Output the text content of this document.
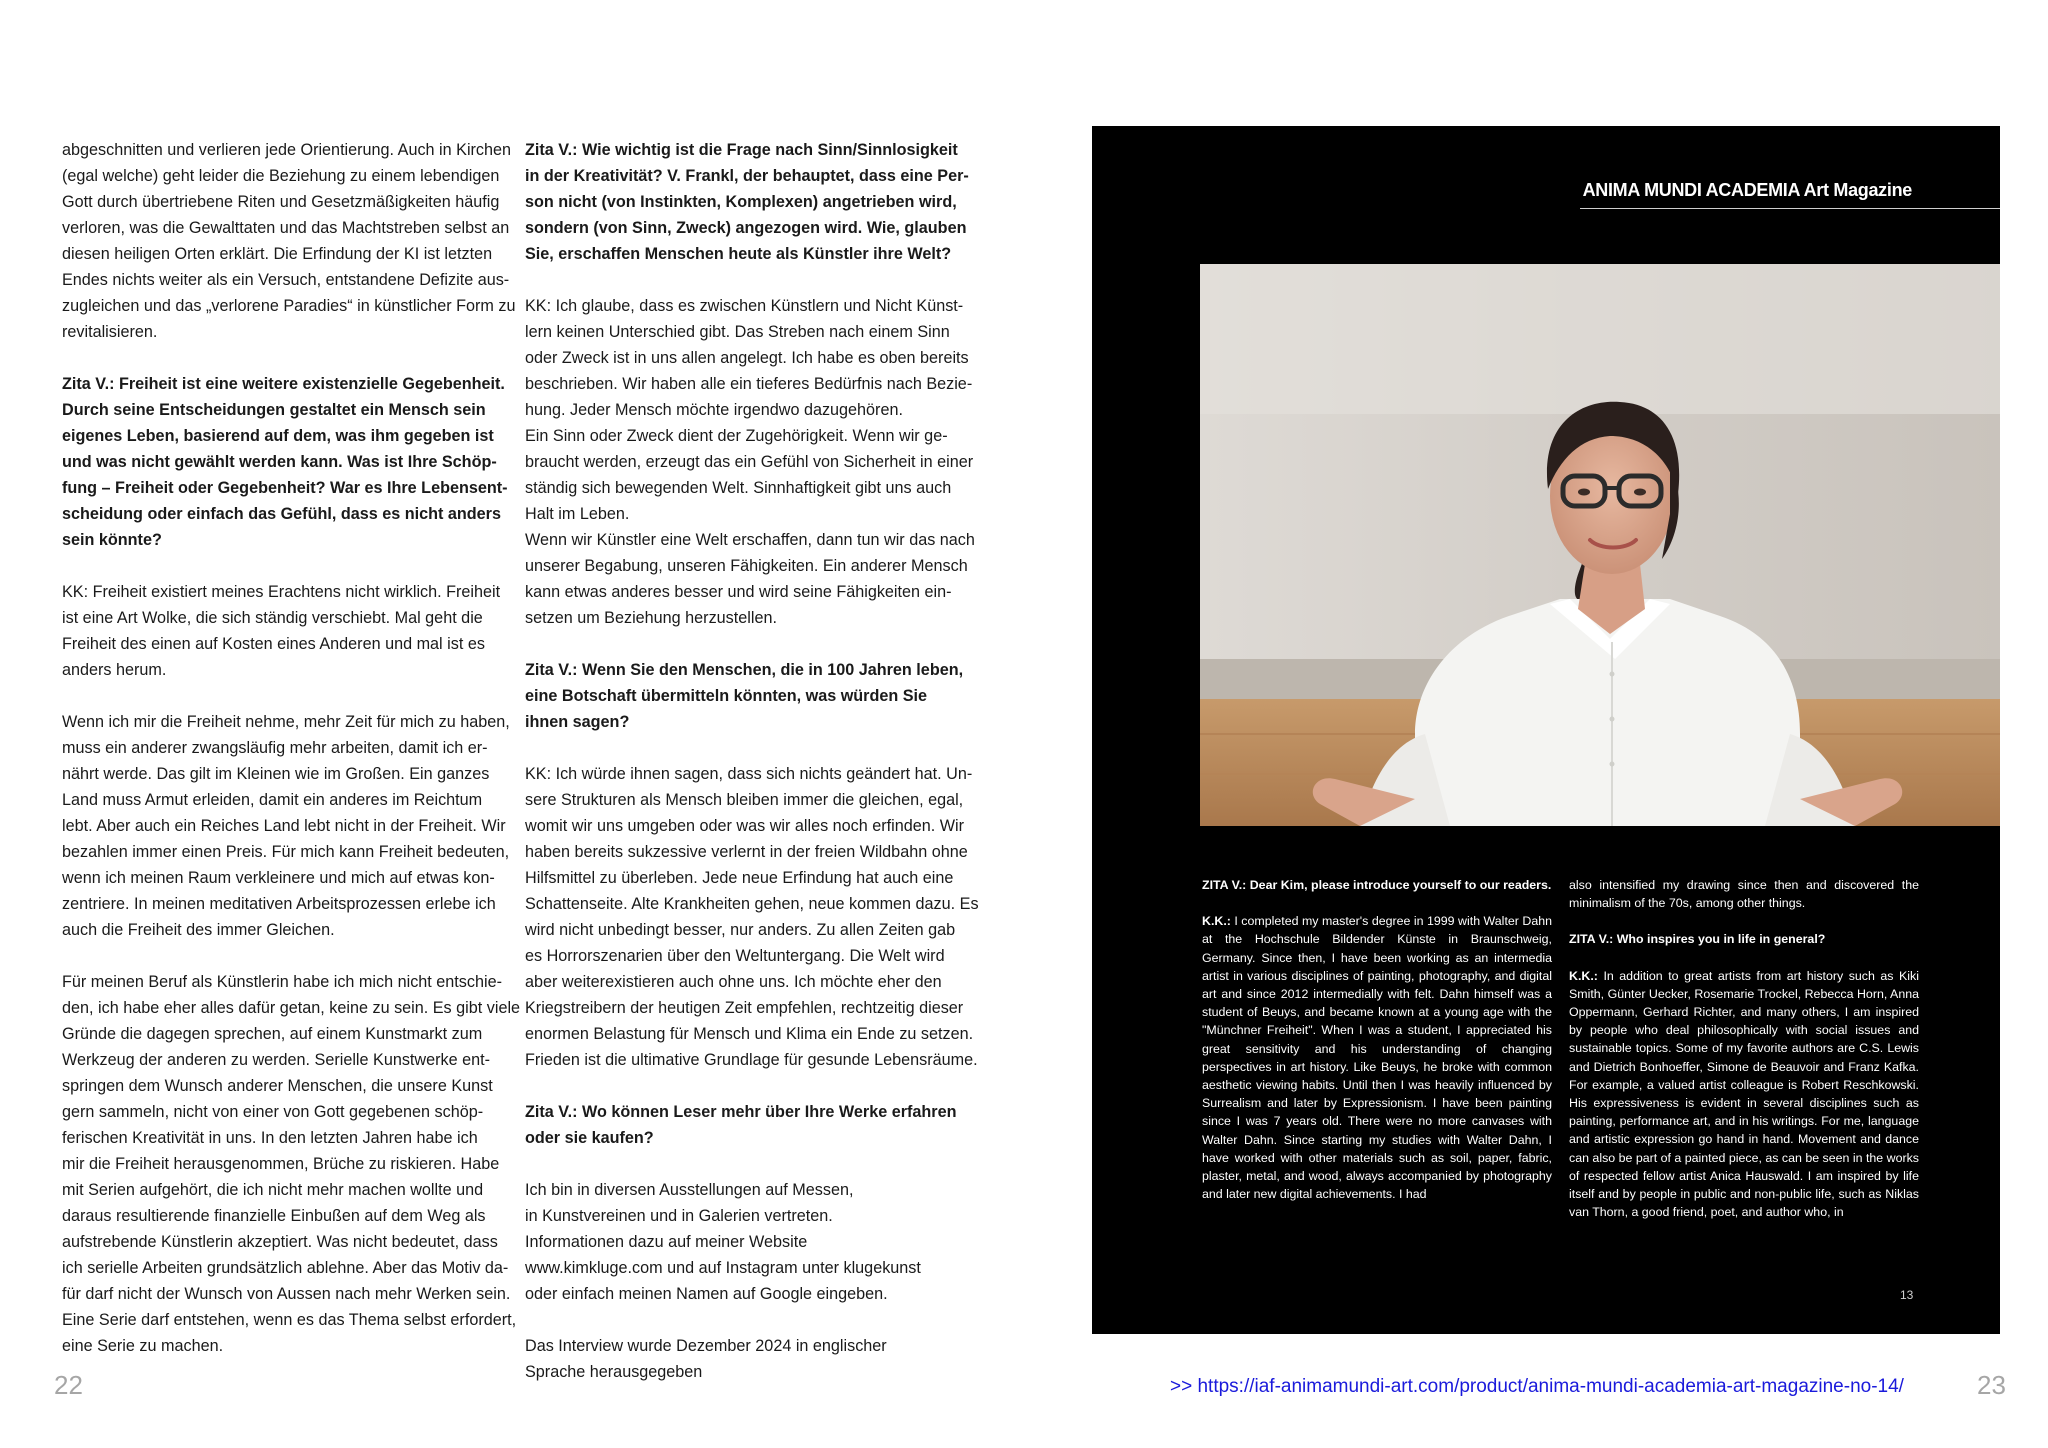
abgeschnitten und verlieren jede Orientierung. Auch in Kirchen
(egal welche) geht leider die Beziehung zu einem lebendigen
Gott durch übertriebene Riten und Gesetzmäßigkeiten häufig
verloren, was die Gewalttaten und das Machtstreben selbst an
diesen heiligen Orten erklärt. Die Erfindung der KI ist letzten
Endes nichts weiter als ein Versuch, entstandene Defizite aus-
zugleichen und das „verlorene Paradies“ in künstlicher Form zu
revitalisieren.

Zita V.: Freiheit ist eine weitere existenzielle Gegebenheit.
Durch seine Entscheidungen gestaltet ein Mensch sein
eigenes Leben, basierend auf dem, was ihm gegeben ist
und was nicht gewählt werden kann. Was ist Ihre Schöp-
fung – Freiheit oder Gegebenheit? War es Ihre Lebensent-
scheidung oder einfach das Gefühl, dass es nicht anders
sein könnte?

KK: Freiheit existiert meines Erachtens nicht wirklich. Freiheit
ist eine Art Wolke, die sich ständig verschiebt. Mal geht die
Freiheit des einen auf Kosten eines Anderen und mal ist es
anders herum.

Wenn ich mir die Freiheit nehme, mehr Zeit für mich zu haben,
muss ein anderer zwangsläufig mehr arbeiten, damit ich er-
nährt werde. Das gilt im Kleinen wie im Großen. Ein ganzes
Land muss Armut erleiden, damit ein anderes im Reichtum
lebt. Aber auch ein Reiches Land lebt nicht in der Freiheit. Wir
bezahlen immer einen Preis. Für mich kann Freiheit bedeuten,
wenn ich meinen Raum verkleinere und mich auf etwas kon-
zentriere. In meinen meditativen Arbeitsprozessen erlebe ich
auch die Freiheit des immer Gleichen.

Für meinen Beruf als Künstlerin habe ich mich nicht entschie-
den, ich habe eher alles dafür getan, keine zu sein. Es gibt viele
Gründe die dagegen sprechen, auf einem Kunstmarkt zum
Werkzeug der anderen zu werden. Serielle Kunstwerke ent-
springen dem Wunsch anderer Menschen, die unsere Kunst
gern sammeln, nicht von einer von Gott gegebenen schöp-
ferischen Kreativität in uns. In den letzten Jahren habe ich
mir die Freiheit herausgenommen, Brüche zu riskieren. Habe
mit Serien aufgehört, die ich nicht mehr machen wollte und
daraus resultierende finanzielle Einbußen auf dem Weg als
aufstrebende Künstlerin akzeptiert. Was nicht bedeutet, dass
ich serielle Arbeiten grundsätzlich ablehne. Aber das Motiv da-
für darf nicht der Wunsch von Aussen nach mehr Werken sein.
Eine Serie darf entstehen, wenn es das Thema selbst erfordert,
eine Serie zu machen.

Zita V.: Wie wichtig ist die Frage nach Sinn/Sinnlosigkeit
in der Kreativität? V. Frankl, der behauptet, dass eine Per-
son nicht (von Instinkten, Komplexen) angetrieben wird,
sondern (von Sinn, Zweck) angezogen wird. Wie, glauben
Sie, erschaffen Menschen heute als Künstler ihre Welt?

KK: Ich glaube, dass es zwischen Künstlern und Nicht Künst-
lern keinen Unterschied gibt. Das Streben nach einem Sinn
oder Zweck ist in uns allen angelegt. Ich habe es oben bereits
beschrieben. Wir haben alle ein tieferes Bedürfnis nach Bezie-
hung. Jeder Mensch möchte irgendwo dazugehören.
Ein Sinn oder Zweck dient der Zugehörigkeit. Wenn wir ge-
braucht werden, erzeugt das ein Gefühl von Sicherheit in einer
ständig sich bewegenden Welt. Sinnhaftigkeit gibt uns auch
Halt im Leben.
Wenn wir Künstler eine Welt erschaffen, dann tun wir das nach
unserer Begabung, unseren Fähigkeiten. Ein anderer Mensch
kann etwas anderes besser und wird seine Fähigkeiten ein-
setzen um Beziehung herzustellen.

Zita V.: Wenn Sie den Menschen, die in 100 Jahren leben,
eine Botschaft übermitteln könnten, was würden Sie
ihnen sagen?

KK: Ich würde ihnen sagen, dass sich nichts geändert hat. Un-
sere Strukturen als Mensch bleiben immer die gleichen, egal,
womit wir uns umgeben oder was wir alles noch erfinden. Wir
haben bereits sukzessive verlernt in der freien Wildbahn ohne
Hilfsmittel zu überleben. Jede neue Erfindung hat auch eine
Schattenseite. Alte Krankheiten gehen, neue kommen dazu. Es
wird nicht unbedingt besser, nur anders. Zu allen Zeiten gab
es Horrorszenarien über den Weltuntergang. Die Welt wird
aber weiterexistieren auch ohne uns. Ich möchte eher den
Kriegstreibern der heutigen Zeit empfehlen, rechtzeitig dieser
enormen Belastung für Mensch und Klima ein Ende zu setzen.
Frieden ist die ultimative Grundlage für gesunde Lebensräume.

Zita V.: Wo können Leser mehr über Ihre Werke erfahren
oder sie kaufen?

Ich bin in diversen Ausstellungen auf Messen,
in Kunstvereinen und in Galerien vertreten.
Informationen dazu auf meiner Website
www.kimkluge.com und auf Instagram unter klugekunst
oder einfach meinen Namen auf Google eingeben.

Das Interview wurde Dezember 2024 in englischer
Sprache herausgegeben

22
ANIMA MUNDI ACADEMIA Art Magazine

ZITA V.: Dear Kim, please introduce yourself to our readers.

K.K.: I completed my master's degree in 1999 with Walter Dahn at the Hochschule Bildender Künste in Braunschweig, Germany. Since then, I have been working as an intermedia artist in various disciplines of painting, photography, and digital art and since 2012 intermedially with felt. Dahn himself was a student of Beuys, and became known at a young age with the "Münchner Freiheit". When I was a student, I appreciated his great sensitivity and his understanding of changing perspectives in art history. Like Beuys, he broke with common aesthetic viewing habits. Until then I was heavily influenced by Surrealism and later by Expressionism. I have been painting since I was 7 years old. There were no more canvases with Walter Dahn. Since starting my studies with Walter Dahn, I have worked with other materials such as soil, paper, fabric, plaster, metal, and wood, always accompanied by photography and later new digital achievements. I had

also intensified my drawing since then and discovered the minimalism of the 70s, among other things.

ZITA V.: Who inspires you in life in general?

K.K.: In addition to great artists from art history such as Kiki Smith, Günter Uecker, Rosemarie Trockel, Rebecca Horn, Anna Oppermann, Gerhard Richter, and many others, I am inspired by people who deal philosophically with social issues and sustainable topics. Some of my favorite authors are C.S. Lewis and Dietrich Bonhoeffer, Simone de Beauvoir and Franz Kafka. For example, a valued artist colleague is Robert Reschkowski. His expressiveness is evident in several disciplines such as painting, performance art, and in his writings. For me, language and artistic expression go hand in hand. Movement and dance can also be part of a painted piece, as can be seen in the works of respected fellow artist Anica Hauswald. I am inspired by life itself and by people in public and non-public life, such as Niklas van Thorn, a good friend, poet, and author who, in

13
>> https://iaf-animamundi-art.com/product/anima-mundi-academia-art-magazine-no-14/	23
